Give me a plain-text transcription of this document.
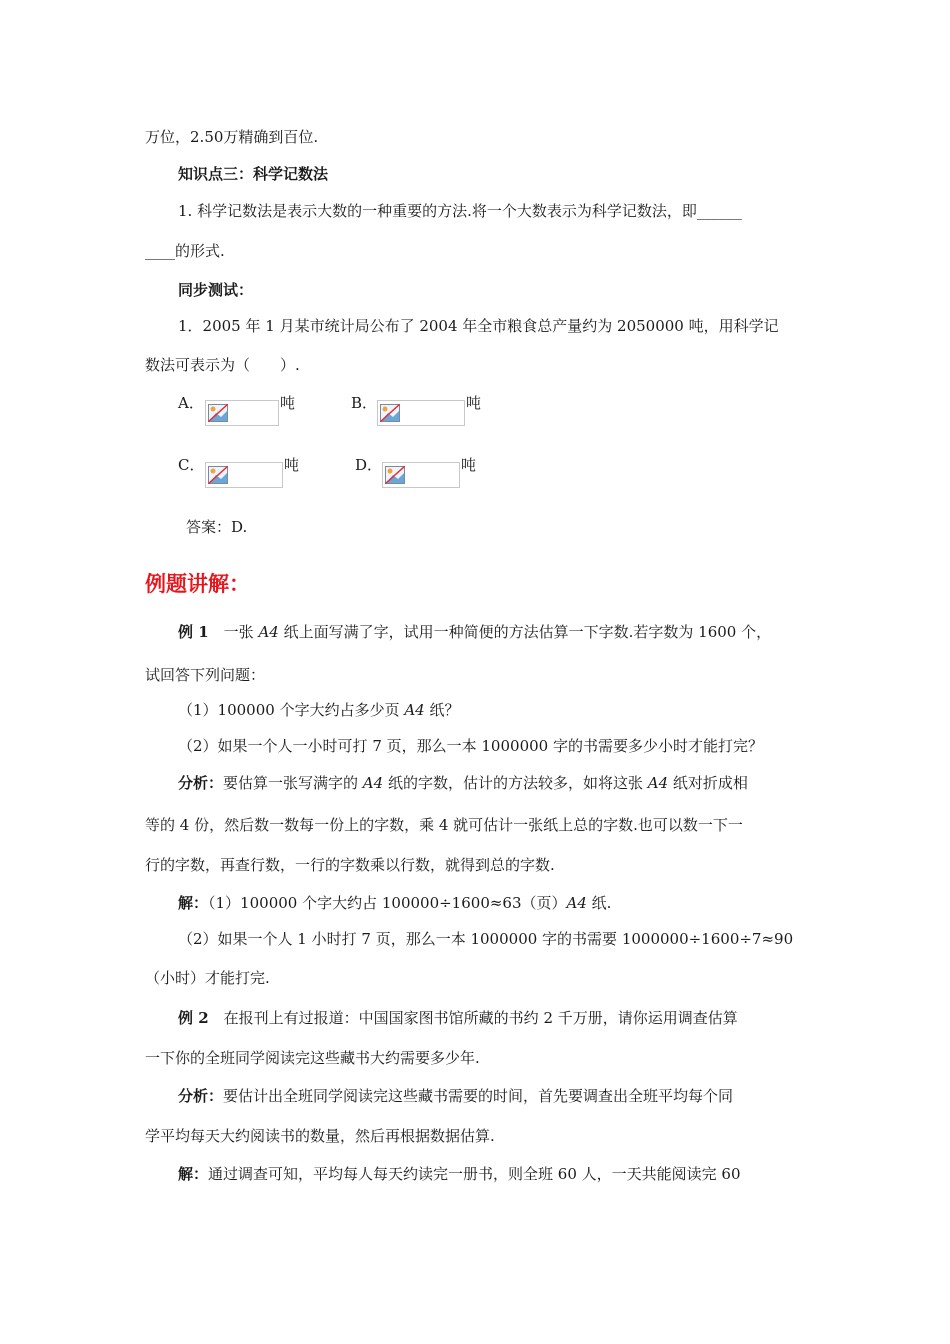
万位，2.50万精确到百位.
知识点三：科学记数法
1. 科学记数法是表示大数的一种重要的方法.将一个大数表示为科学记数法，即______
____的形式.
同步测试：
1．2005 年 1 月某市统计局公布了 2004 年全市粮食总产量约为 2050000 吨，用科学记
数法可表示为（　　）.
A．	吨	B．	吨
C．	吨	D．	吨
答案：D.
例题讲解：
例 1　一张 A4 纸上面写满了字，试用一种简便的方法估算一下字数.若字数为 1600 个，
试回答下列问题：
（1）100000 个字大约占多少页 A4 纸？
（2）如果一个人一小时可打 7 页，那么一本 1000000 字的书需要多少小时才能打完？
分析：要估算一张写满字的 A4 纸的字数，估计的方法较多，如将这张 A4 纸对折成相
等的 4 份，然后数一数每一份上的字数，乘 4 就可估计一张纸上总的字数.也可以数一下一
行的字数，再查行数，一行的字数乘以行数，就得到总的字数.
解：（1）100000 个字大约占 100000÷1600≈63（页）A4 纸.
（2）如果一个人 1 小时打 7 页，那么一本 1000000 字的书需要 1000000÷1600÷7≈90
（小时）才能打完.
例 2　在报刊上有过报道：中国国家图书馆所藏的书约 2 千万册，请你运用调查估算
一下你的全班同学阅读完这些藏书大约需要多少年.
分析：要估计出全班同学阅读完这些藏书需要的时间，首先要调查出全班平均每个同
学平均每天大约阅读书的数量，然后再根据数据估算.
解：通过调查可知，平均每人每天约读完一册书，则全班 60 人，一天共能阅读完 60
